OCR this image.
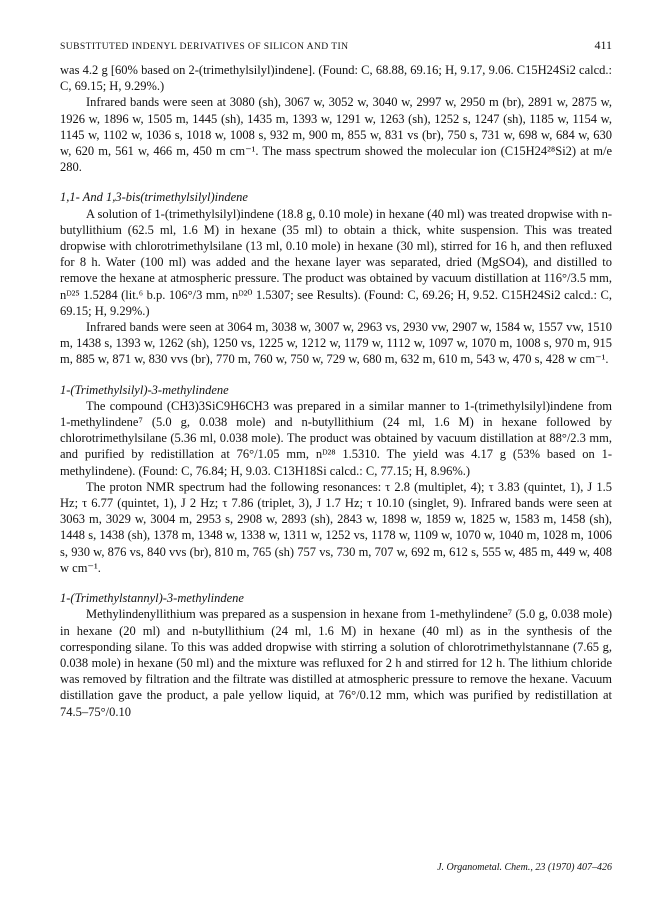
SUBSTITUTED INDENYL DERIVATIVES OF SILICON AND TIN	411

was 4.2 g [60% based on 2-(trimethylsilyl)indene]. (Found: C, 68.88, 69.16; H, 9.17, 9.06. C15H24Si2 calcd.: C, 69.15; H, 9.29%.)

Infrared bands were seen at 3080 (sh), 3067 w, 3052 w, 3040 w, 2997 w, 2950 m (br), 2891 w, 2875 w, 1926 w, 1896 w, 1505 m, 1445 (sh), 1435 m, 1393 w, 1291 w, 1263 (sh), 1252 s, 1247 (sh), 1185 w, 1154 w, 1145 w, 1102 w, 1036 s, 1018 w, 1008 s, 932 m, 900 m, 855 w, 831 vs (br), 750 s, 731 w, 698 w, 684 w, 630 w, 620 m, 561 w, 466 m, 450 m cm⁻¹. The mass spectrum showed the molecular ion (C15H24²⁸Si2) at m/e 280.

1,1- And 1,3-bis(trimethylsilyl)indene

A solution of 1-(trimethylsilyl)indene (18.8 g, 0.10 mole) in hexane (40 ml) was treated dropwise with n-butyllithium (62.5 ml, 1.6 M) in hexane (35 ml) to obtain a thick, white suspension. This was treated dropwise with chlorotrimethylsilane (13 ml, 0.10 mole) in hexane (30 ml), stirred for 16 h, and then refluxed for 8 h. Water (100 ml) was added and the hexane layer was separated, dried (MgSO4), and distilled to remove the hexane at atmospheric pressure. The product was obtained by vacuum distillation at 116°/3.5 mm, nᴰ²⁵ 1.5284 (lit.⁶ b.p. 106°/3 mm, nᴰ²⁰ 1.5307; see Results). (Found: C, 69.26; H, 9.52. C15H24Si2 calcd.: C, 69.15; H, 9.29%.)

Infrared bands were seen at 3064 m, 3038 w, 3007 w, 2963 vs, 2930 vw, 2907 w, 1584 w, 1557 vw, 1510 m, 1438 s, 1393 w, 1262 (sh), 1250 vs, 1225 w, 1212 w, 1179 w, 1112 w, 1097 w, 1070 m, 1008 s, 970 m, 915 m, 885 w, 871 w, 830 vvs (br), 770 m, 760 w, 750 w, 729 w, 680 m, 632 m, 610 m, 543 w, 470 s, 428 w cm⁻¹.

1-(Trimethylsilyl)-3-methylindene

The compound (CH3)3SiC9H6CH3 was prepared in a similar manner to 1-(trimethylsilyl)indene from 1-methylindene⁷ (5.0 g, 0.038 mole) and n-butyllithium (24 ml, 1.6 M) in hexane followed by chlorotrimethylsilane (5.36 ml, 0.038 mole). The product was obtained by vacuum distillation at 88°/2.3 mm, and purified by redistillation at 76°/1.05 mm, nᴰ²⁸ 1.5310. The yield was 4.17 g (53% based on 1-methylindene). (Found: C, 76.84; H, 9.03. C13H18Si calcd.: C, 77.15; H, 8.96%.)

The proton NMR spectrum had the following resonances: τ 2.8 (multiplet, 4); τ 3.83 (quintet, 1), J 1.5 Hz; τ 6.77 (quintet, 1), J 2 Hz; τ 7.86 (triplet, 3), J 1.7 Hz; τ 10.10 (singlet, 9). Infrared bands were seen at 3063 m, 3029 w, 3004 m, 2953 s, 2908 w, 2893 (sh), 2843 w, 1898 w, 1859 w, 1825 w, 1583 m, 1458 (sh), 1448 s, 1438 (sh), 1378 m, 1348 w, 1338 w, 1311 w, 1252 vs, 1178 w, 1109 w, 1070 w, 1040 m, 1028 m, 1006 s, 930 w, 876 vs, 840 vvs (br), 810 m, 765 (sh) 757 vs, 730 m, 707 w, 692 m, 612 s, 555 w, 485 m, 449 w, 408 w cm⁻¹.

1-(Trimethylstannyl)-3-methylindene

Methylindenyllithium was prepared as a suspension in hexane from 1-methylindene⁷ (5.0 g, 0.038 mole) in hexane (20 ml) and n-butyllithium (24 ml, 1.6 M) in hexane (40 ml) as in the synthesis of the corresponding silane. To this was added dropwise with stirring a solution of chlorotrimethylstannane (7.65 g, 0.038 mole) in hexane (50 ml) and the mixture was refluxed for 2 h and stirred for 12 h. The lithium chloride was removed by filtration and the filtrate was distilled at atmospheric pressure to remove the hexane. Vacuum distillation gave the product, a pale yellow liquid, at 76°/0.12 mm, which was purified by redistillation at 74.5–75°/0.10

J. Organometal. Chem., 23 (1970) 407–426
